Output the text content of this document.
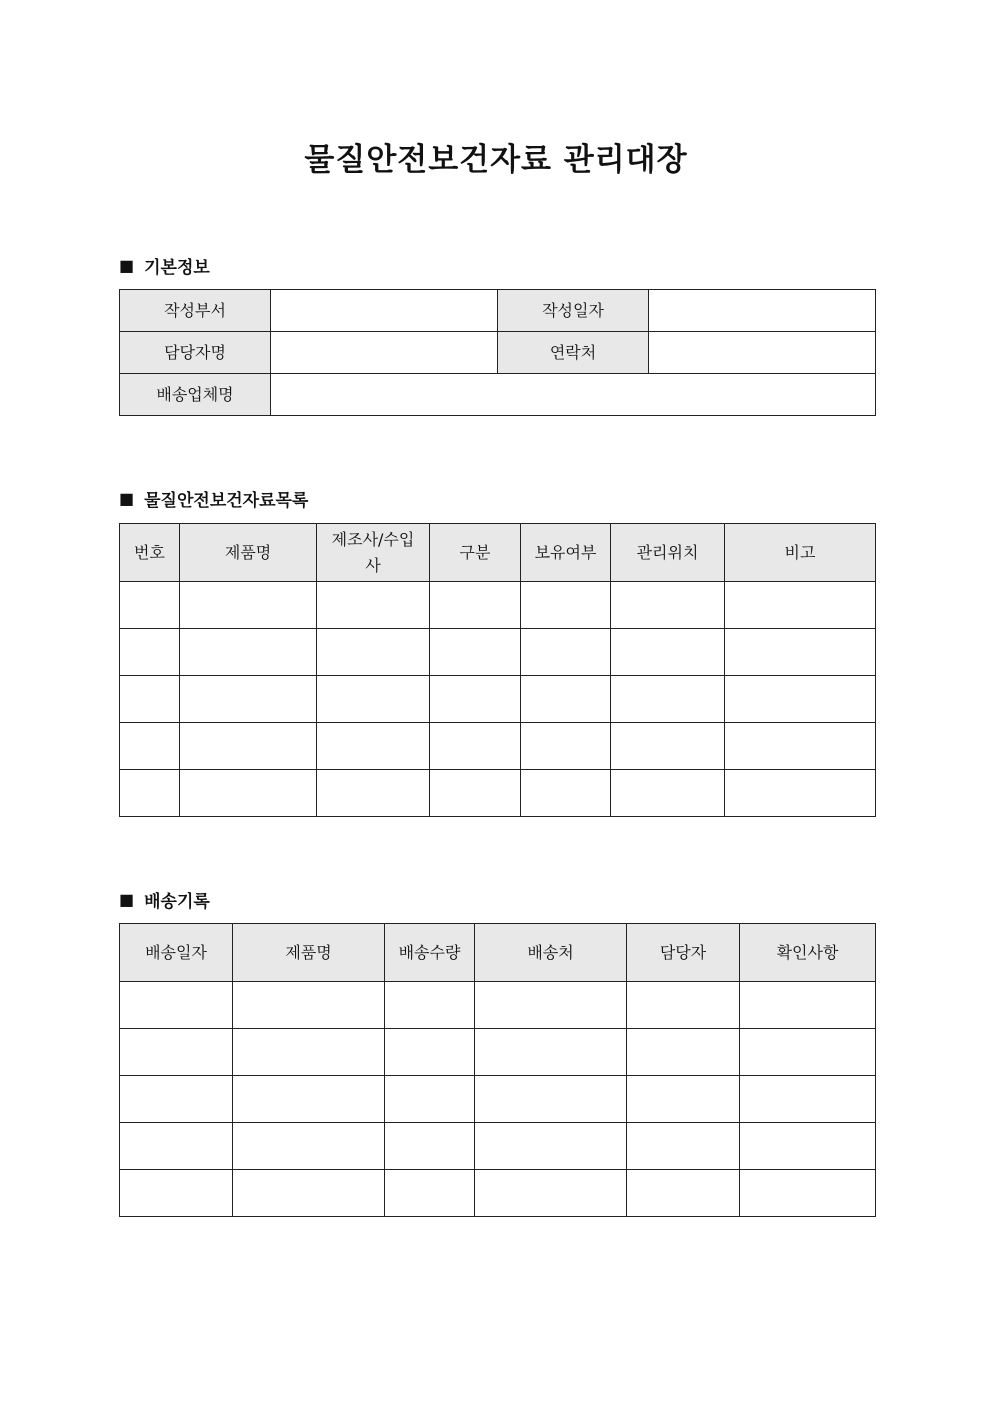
물질안전보건자료 관리대장
■ 기본정보
작성부서		작성일자	
담당자명		연락처	
배송업체명			
■ 물질안전보건자료목록
번호	제품명	제조사/수입사	구분	보유여부	관리위치	비고

■ 배송기록
배송일자	제품명	배송수량	배송처	담당자	확인사항
